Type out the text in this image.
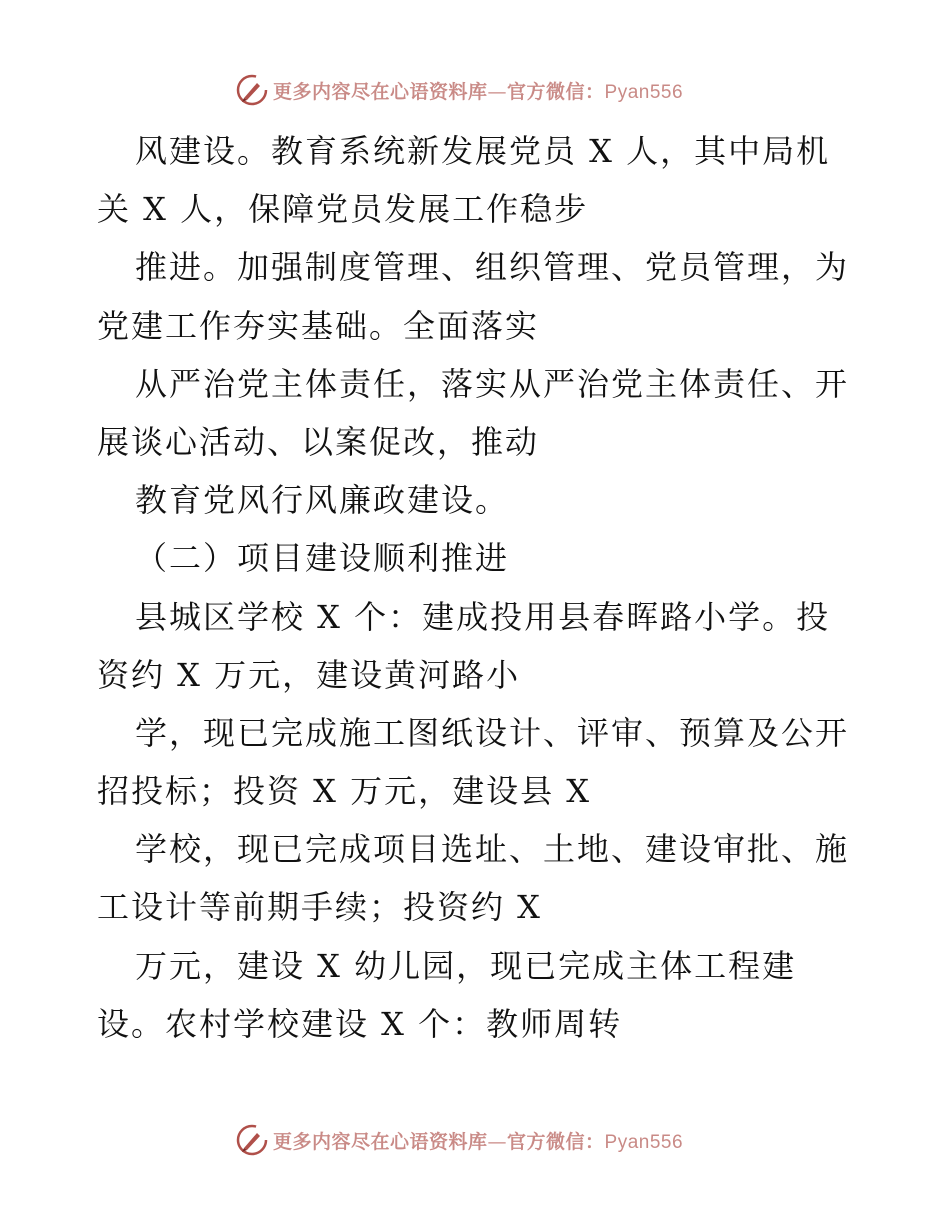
更多内容尽在心语资料库—官方微信：Pyan556
风建设。教育系统新发展党员 X 人，其中局机
关 X 人，保障党员发展工作稳步
推进。加强制度管理、组织管理、党员管理，为
党建工作夯实基础。全面落实
从严治党主体责任，落实从严治党主体责任、开
展谈心活动、以案促改，推动
教育党风行风廉政建设。
（二）项目建设顺利推进
县城区学校 X 个：建成投用县春晖路小学。投
资约 X 万元，建设黄河路小
学，现已完成施工图纸设计、评审、预算及公开
招投标；投资 X 万元，建设县 X
学校，现已完成项目选址、土地、建设审批、施
工设计等前期手续；投资约 X
万元，建设 X 幼儿园，现已完成主体工程建
设。农村学校建设 X 个：教师周转
更多内容尽在心语资料库—官方微信：Pyan556
